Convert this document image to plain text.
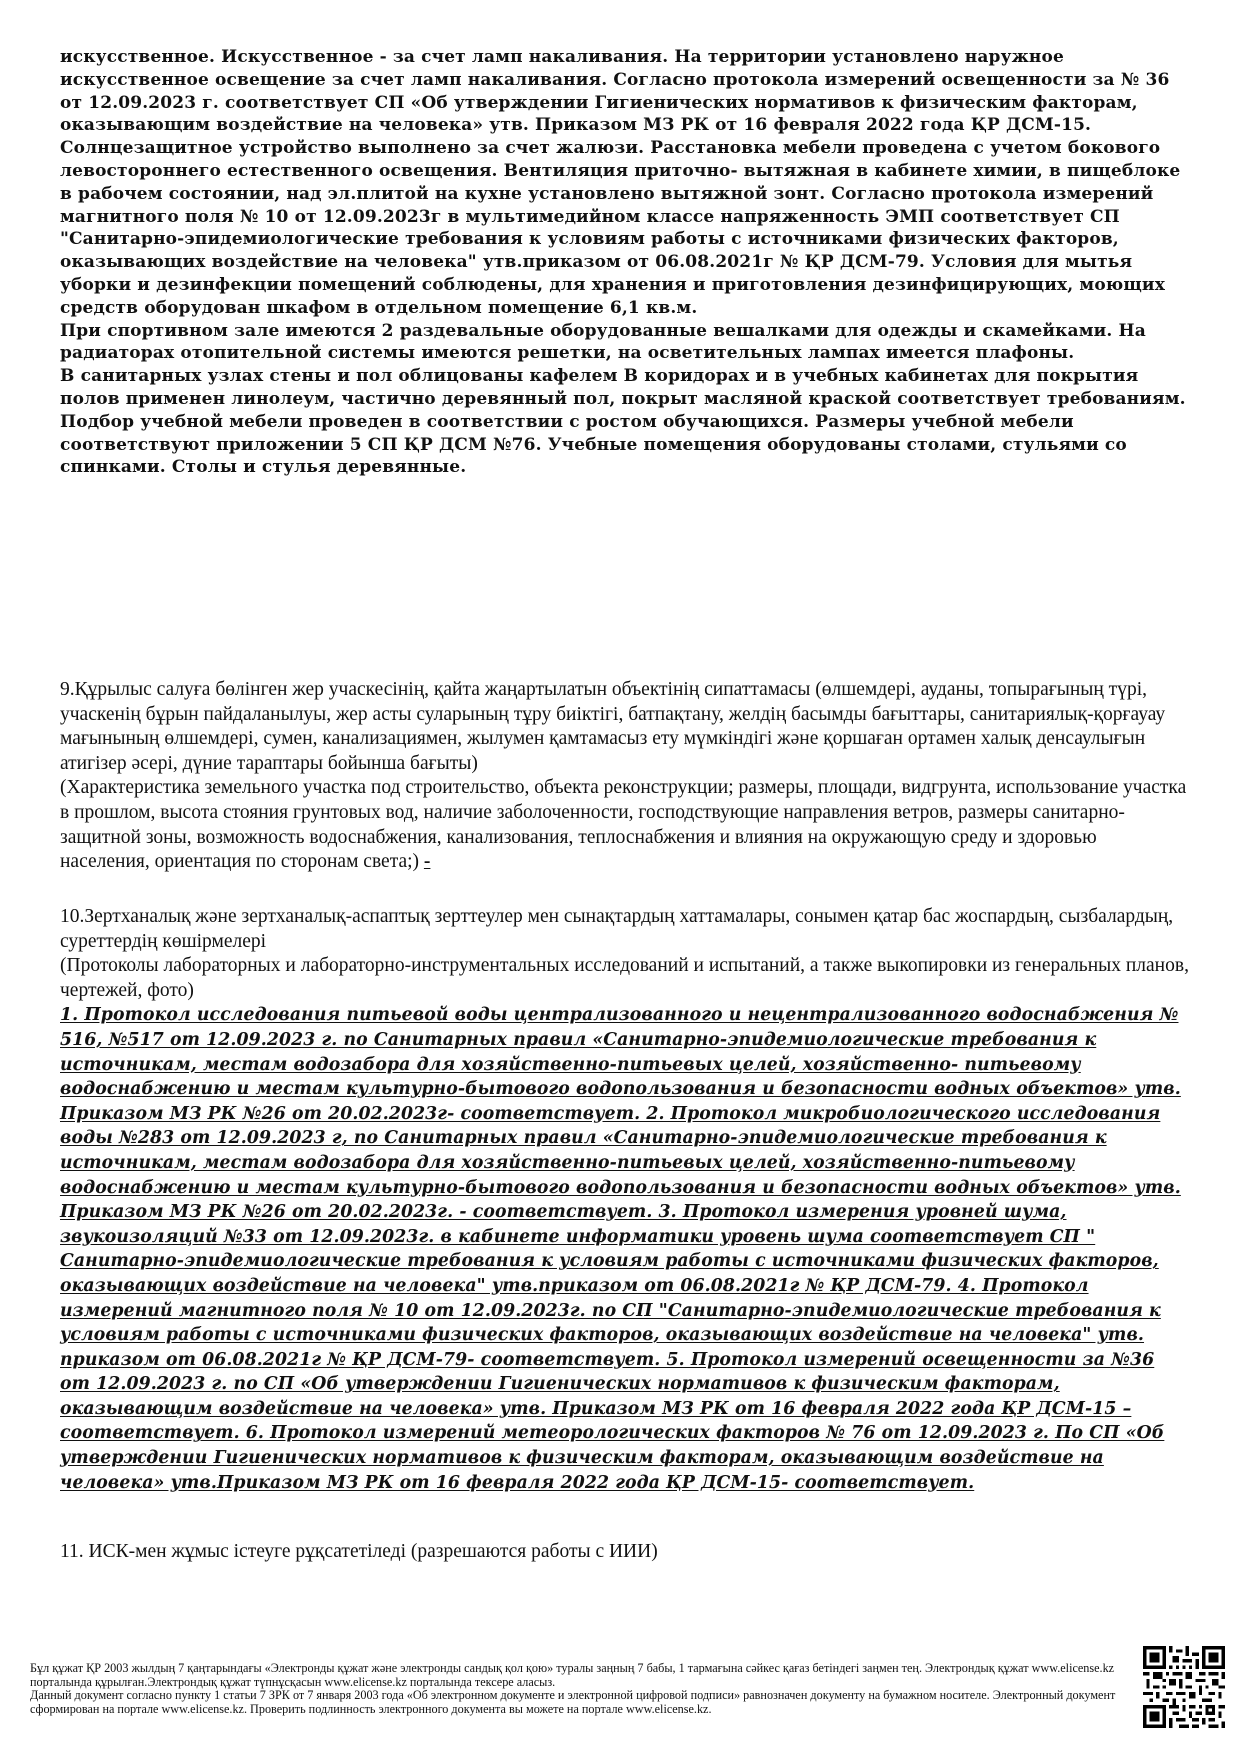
искусственное. Искусственное - за счет ламп накаливания. На территории установлено наружное искусственное освещение за счет ламп накаливания. Согласно протокола измерений освещенности за № 36 от 12.09.2023 г. соответствует СП «Об утверждении Гигиенических нормативов к физическим факторам, оказывающим воздействие на человека» утв. Приказом МЗ РК от 16 февраля 2022 года ҚР ДСМ-15. Солнцезащитное устройство выполнено за счет жалюзи. Расстановка мебели проведена с учетом бокового левостороннего естественного освещения. Вентиляция приточно- вытяжная в кабинете химии, в пищеблоке в рабочем состоянии, над эл.плитой на кухне установлено вытяжной зонт. Согласно протокола измерений магнитного поля № 10 от 12.09.2023г в мультимедийном классе напряженность ЭМП соответствует СП "Санитарно-эпидемиологические требования к условиям работы с источниками физических факторов, оказывающих воздействие на человека" утв.приказом от 06.08.2021г № ҚР ДСМ-79. Условия для мытья уборки и дезинфекции помещений соблюдены, для хранения и приготовления дезинфицирующих, моющих средств оборудован шкафом в отдельном помещение 6,1 кв.м.

При спортивном зале имеются 2 раздевальные оборудованные вешалками для одежды и скамейками. На радиаторах отопительной системы имеются решетки, на осветительных лампах имеется плафоны.

В санитарных узлах стены и пол облицованы кафелем В коридорах и в учебных кабинетах для покрытия полов применен линолеум, частично деревянный пол, покрыт масляной краской соответствует требованиям.

Подбор учебной мебели проведен в соответствии с ростом обучающихся. Размеры учебной мебели соответствуют приложении 5 СП ҚР ДСМ №76. Учебные помещения оборудованы столами, стульями со спинками. Столы и стулья деревянные.

9.Құрылыс салуға бөлінген жер учаскесінің, қайта жаңартылатын объектінің сипаттамасы (өлшемдері, ауданы, топырағының түрі, учаскенің бұрын пайдаланылуы, жер асты суларының тұру биіктігі, батпақтану, желдің басымды бағыттары, санитариялық-қорғауау мағынының өлшемдері, сумен, канализациямен, жылумен қамтамасыз ету мүмкіндігі және қоршаған ортамен халық денсаулығын атигізер әсері, дүние тараптары бойынша бағыты)

(Характеристика земельного участка под строительство, объекта реконструкции; размеры, площади, видгрунта, использование участка в прошлом, высота стояния грунтовых вод, наличие заболоченности, господствующие направления ветров, размеры санитарно-защитной зоны, возможность водоснабжения, канализования, теплоснабжения и влияния на окружающую среду и здоровью населения, ориентация по сторонам света;) -

10.Зертханалық және зертханалық-аспаптық зерттеулер мен сынақтардың хаттамалары, сонымен қатар бас жоспардың, сызбалардың, суреттердің көшірмелері

(Протоколы лабораторных и лабораторно-инструментальных исследований и испытаний, а также выкопировки из генеральных планов, чертежей, фото)

1. Протокол исследования питьевой воды централизованного и нецентрализованного водоснабжения № 516, №517 от 12.09.2023 г. по Санитарных правил «Санитарно-эпидемиологические требования к источникам, местам водозабора для хозяйственно-питьевых целей, хозяйственно- питьевому водоснабжению и местам культурно-бытового водопользования и безопасности водных объектов» утв. Приказом МЗ РК №26 от 20.02.2023г- соответствует. 2. Протокол микробиологического исследования воды №283 от 12.09.2023 г, по Санитарных правил «Санитарно-эпидемиологические требования к источникам, местам водозабора для хозяйственно-питьевых целей, хозяйственно-питьевому водоснабжению и местам культурно-бытового водопользования и безопасности водных объектов» утв. Приказом МЗ РК №26 от 20.02.2023г. - соответствует. 3. Протокол измерения уровней шума, звукоизоляций №33 от 12.09.2023г. в кабинете информатики уровень шума соответствует СП " Санитарно-эпидемиологические требования к условиям работы с источниками физических факторов, оказывающих воздействие на человека" утв.приказом от 06.08.2021г № ҚР ДСМ-79. 4. Протокол измерений магнитного поля № 10 от 12.09.2023г. по СП "Санитарно-эпидемиологические требования к условиям работы с источниками физических факторов, оказывающих воздействие на человека" утв. приказом от 06.08.2021г № ҚР ДСМ-79- соответствует. 5. Протокол измерений освещенности за №36 от 12.09.2023 г. по СП «Об утверждении Гигиенических нормативов к физическим факторам, оказывающим воздействие на человека» утв. Приказом МЗ РК от 16 февраля 2022 года ҚР ДСМ-15 – соответствует. 6. Протокол измерений метеорологических факторов № 76 от 12.09.2023 г. По СП «Об утверждении Гигиенических нормативов к физическим факторам, оказывающим воздействие на человека» утв.Приказом МЗ РК от 16 февраля 2022 года ҚР ДСМ-15- соответствует.

11. ИСК-мен жұмыс істеуге рұқсатетіледі (разрешаются работы с ИИИ)

Бұл құжат ҚР 2003 жылдың 7 қаңтарындағы «Электронды құжат және электронды сандық қол қою» туралы заңның 7 бабы, 1 тармағына сәйкес қағаз бетіндегі заңмен тең. Электрондық құжат www.elicense.kz порталында құрылған.Электрондық құжат түпнұсқасын www.elicense.kz порталында тексере аласыз.

Данный документ согласно пункту 1 статьи 7 ЗРК от 7 января 2003 года «Об электронном документе и электронной цифровой подписи» равнозначен документу на бумажном носителе. Электронный документ сформирован на портале www.elicense.kz. Проверить подлинность электронного документа вы можете на портале www.elicense.kz.
